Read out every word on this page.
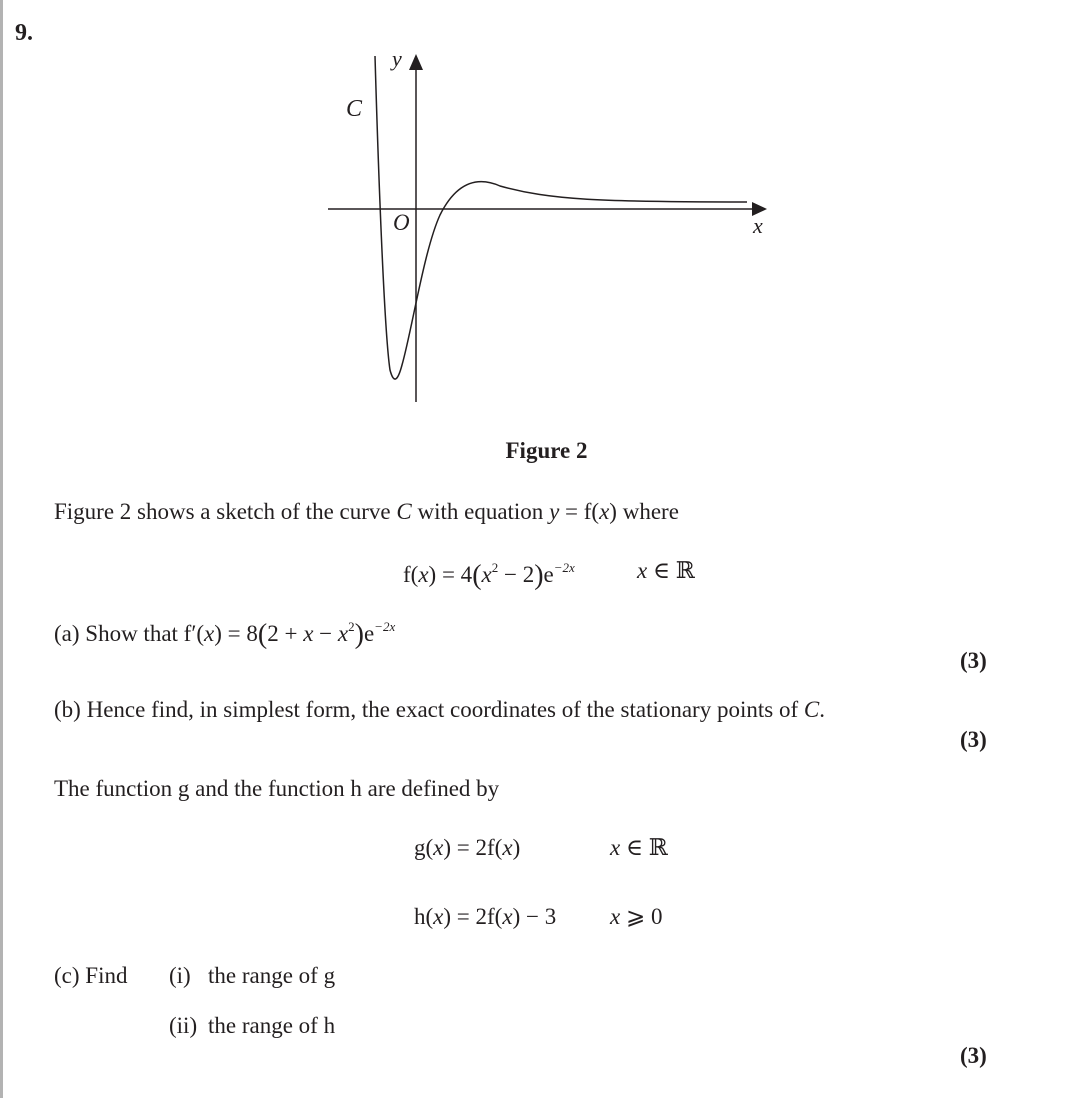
9.
y
C
O	x
Figure 2
Figure 2 shows a sketch of the curve C with equation y = f(x) where
$f(x) = 4(x^2 - 2)e^{-2x}$	x ∈ ℝ
(a) Show that $f'(x) = 8(2 + x - x^2)e^{-2x}$
(3)
(b) Hence find, in simplest form, the exact coordinates of the stationary points of C.
(3)
The function g and the function h are defined by
g(x) = 2f(x)	x ∈ ℝ
h(x) = 2f(x) − 3 x ⩾ 0
(c) Find (i) the range of g
(ii) the range of h
(3)
